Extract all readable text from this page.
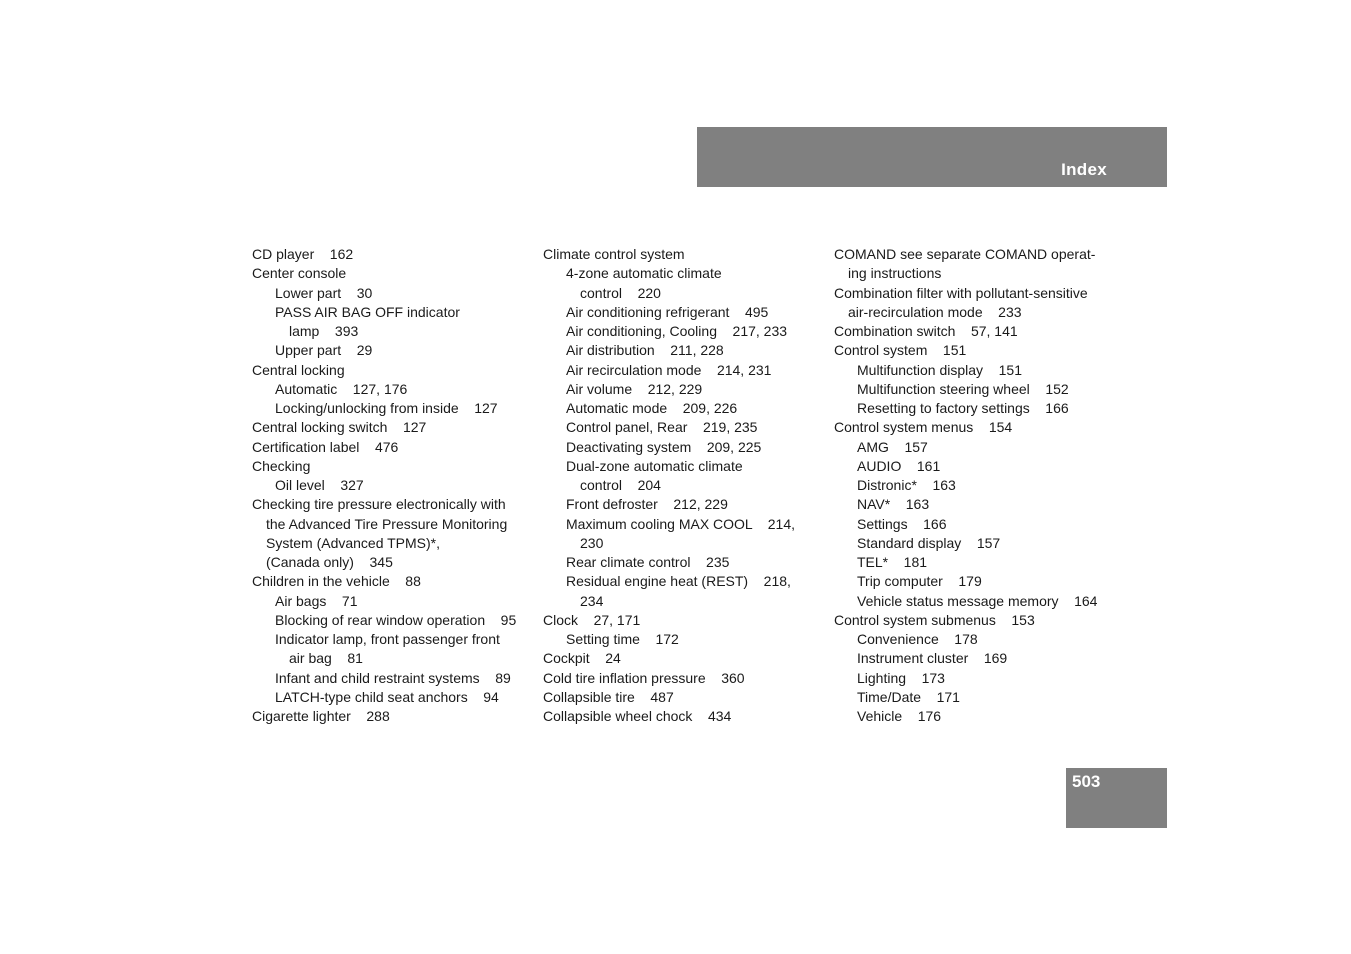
Index
CD player    162
Center console
Lower part    30
PASS AIR BAG OFF indicator
lamp    393
Upper part    29
Central locking
Automatic    127, 176
Locking/unlocking from inside    127
Central locking switch    127
Certification label    476
Checking
Oil level    327
Checking tire pressure electronically with
the Advanced Tire Pressure Monitoring
System (Advanced TPMS)*,
(Canada only)    345
Children in the vehicle    88
Air bags    71
Blocking of rear window operation    95
Indicator lamp, front passenger front
air bag    81
Infant and child restraint systems    89
LATCH-type child seat anchors    94
Cigarette lighter    288
Climate control system
4-zone automatic climate
control    220
Air conditioning refrigerant    495
Air conditioning, Cooling    217, 233
Air distribution    211, 228
Air recirculation mode    214, 231
Air volume    212, 229
Automatic mode    209, 226
Control panel, Rear    219, 235
Deactivating system    209, 225
Dual-zone automatic climate
control    204
Front defroster    212, 229
Maximum cooling MAX COOL    214,
230
Rear climate control    235
Residual engine heat (REST)    218,
234
Clock    27, 171
Setting time    172
Cockpit    24
Cold tire inflation pressure    360
Collapsible tire    487
Collapsible wheel chock    434
COMAND see separate COMAND operat-
ing instructions
Combination filter with pollutant-sensitive
air-recirculation mode    233
Combination switch    57, 141
Control system    151
Multifunction display    151
Multifunction steering wheel    152
Resetting to factory settings    166
Control system menus    154
AMG    157
AUDIO    161
Distronic*    163
NAV*    163
Settings    166
Standard display    157
TEL*    181
Trip computer    179
Vehicle status message memory    164
Control system submenus    153
Convenience    178
Instrument cluster    169
Lighting    173
Time/Date    171
Vehicle    176
503
